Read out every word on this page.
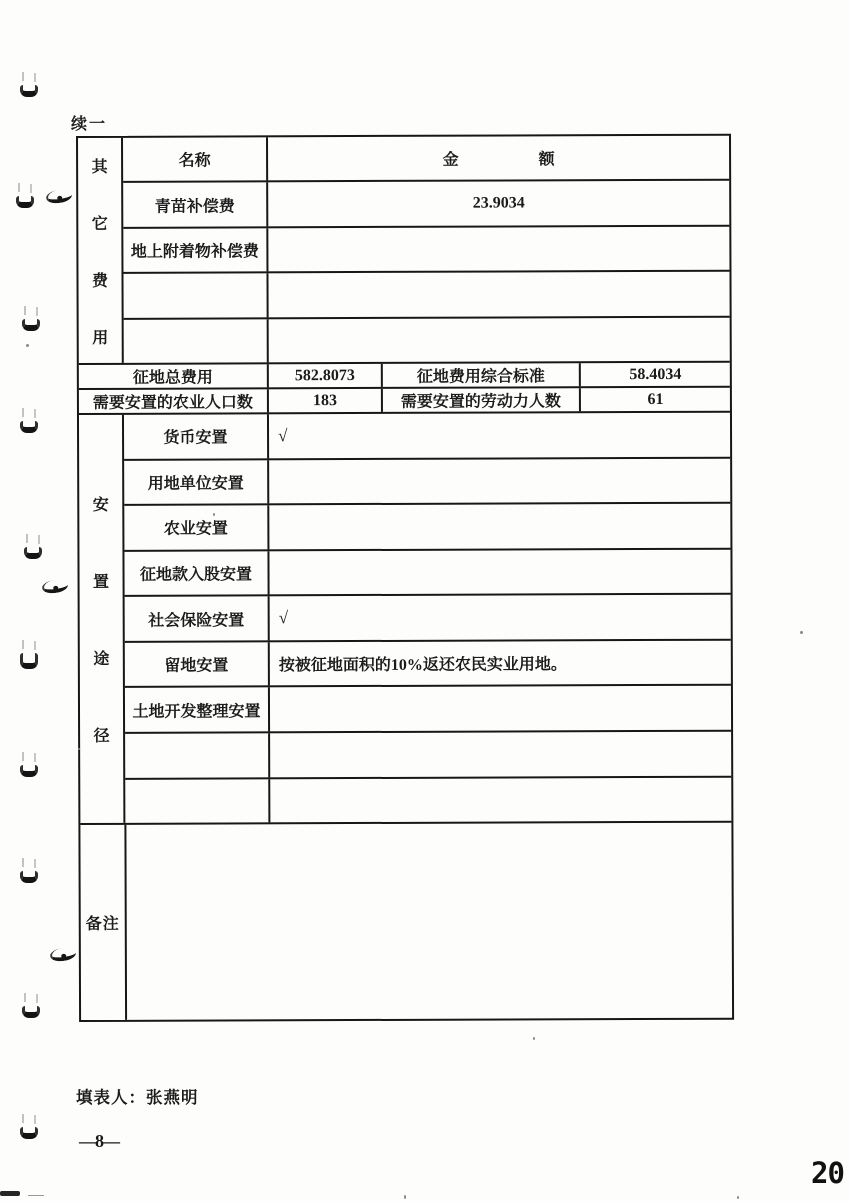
续一
其
它
费
用
名称	金　　　　　额
青苗补偿费	23.9034
地上附着物补偿费
征地总费用	582.8073	征地费用综合标准	58.4034
需要安置的农业人口数	183	需要安置的劳动力人数	61
安
置
途
径
货币安置	√
用地单位安置
农业安置
征地款入股安置
社会保险安置	√
留地安置	按被征地面积的10%返还农民实业用地。
土地开发整理安置
备注
填表人：张燕明
—8—
20
